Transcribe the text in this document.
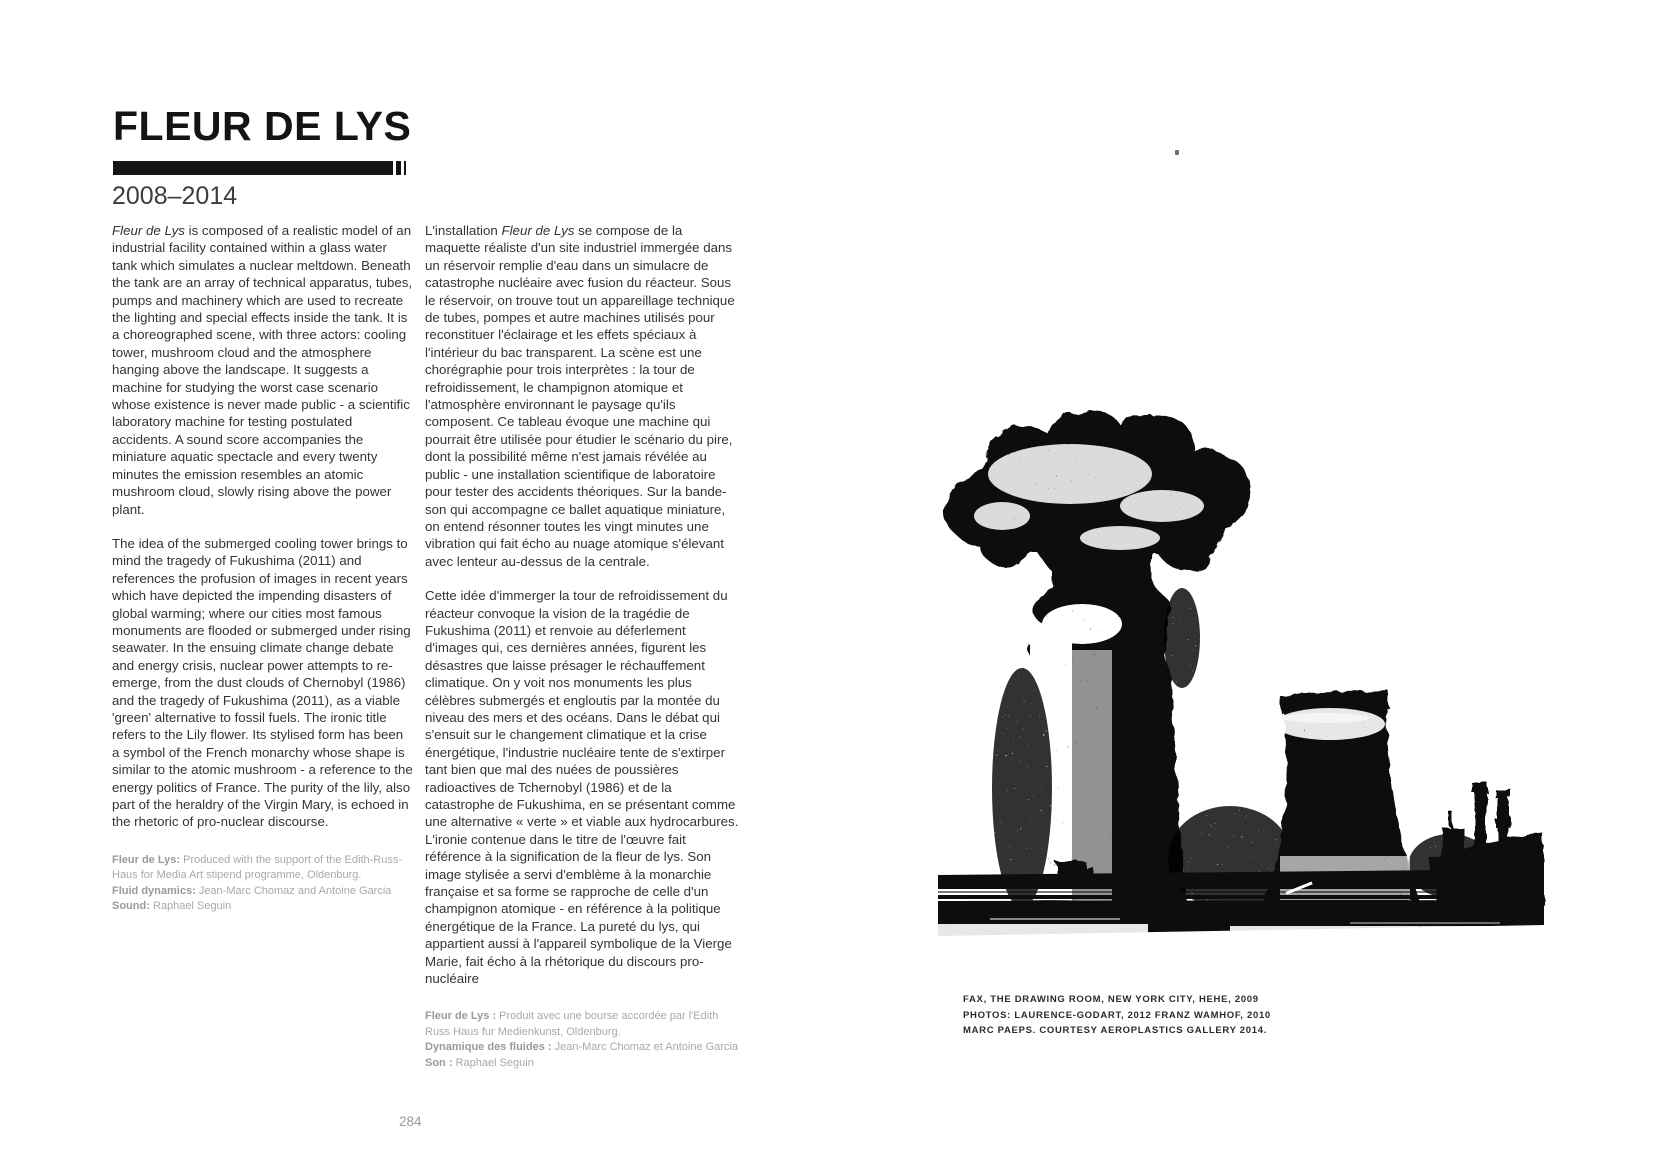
FLEUR DE LYS
2008–2014

Fleur de Lys is composed of a realistic model of an industrial facility contained within a glass water tank which simulates a nuclear meltdown. Beneath the tank are an array of technical apparatus, tubes, pumps and machinery which are used to recreate the lighting and special effects inside the tank. It is a choreographed scene, with three actors: cooling tower, mushroom cloud and the atmosphere hanging above the landscape. It suggests a machine for studying the worst case scenario whose existence is never made public - a scientific laboratory machine for testing postulated accidents. A sound score accompanies the miniature aquatic spectacle and every twenty minutes the emission resembles an atomic mushroom cloud, slowly rising above the power plant.

The idea of the submerged cooling tower brings to mind the tragedy of Fukushima (2011) and references the profusion of images in recent years which have depicted the impending disasters of global warming; where our cities most famous monuments are flooded or submerged under rising seawater. In the ensuing climate change debate and energy crisis, nuclear power attempts to re-emerge, from the dust clouds of Chernobyl (1986) and the tragedy of Fukushima (2011), as a viable 'green' alternative to fossil fuels. The ironic title refers to the Lily flower. Its stylised form has been a symbol of the French monarchy whose shape is similar to the atomic mushroom - a reference to the energy politics of France. The purity of the lily, also part of the heraldry of the Virgin Mary, is echoed in the rhetoric of pro-nuclear discourse.

Fleur de Lys: Produced with the support of the Edith-Russ-Haus for Media Art stipend programme, Oldenburg.

Fluid dynamics: Jean-Marc Chomaz and Antoine Garcia

Sound: Raphael Seguin

L'installation Fleur de Lys se compose de la maquette réaliste d'un site industriel immergée dans un réservoir remplie d'eau dans un simulacre de catastrophe nucléaire avec fusion du réacteur. Sous le réservoir, on trouve tout un appareillage technique de tubes, pompes et autre machines utilisés pour reconstituer l'éclairage et les effets spéciaux à l'intérieur du bac transparent. La scène est une chorégraphie pour trois interprètes : la tour de refroidissement, le champignon atomique et l'atmosphère environnant le paysage qu'ils composent. Ce tableau évoque une machine qui pourrait être utilisée pour étudier le scénario du pire, dont la possibilité même n'est jamais révélée au public - une installation scientifique de laboratoire pour tester des accidents théoriques. Sur la bande-son qui accompagne ce ballet aquatique miniature, on entend résonner toutes les vingt minutes une vibration qui fait écho au nuage atomique s'élevant avec lenteur au-dessus de la centrale.

Cette idée d'immerger la tour de refroidissement du réacteur convoque la vision de la tragédie de Fukushima (2011) et renvoie au déferlement d'images qui, ces dernières années, figurent les désastres que laisse présager le réchauffement climatique. On y voit nos monuments les plus célèbres submergés et engloutis par la montée du niveau des mers et des océans. Dans le débat qui s'ensuit sur le changement climatique et la crise énergétique, l'industrie nucléaire tente de s'extirper tant bien que mal des nuées de poussières radioactives de Tchernobyl (1986) et de la catastrophe de Fukushima, en se présentant comme une alternative « verte » et viable aux hydrocarbures. L'ironie contenue dans le titre de l'œuvre fait référence à la signification de la fleur de lys. Son image stylisée a servi d'emblème à la monarchie française et sa forme se rapproche de celle d'un champignon atomique - en référence à la politique énergétique de la France. La pureté du lys, qui appartient aussi à l'appareil symbolique de la Vierge Marie, fait écho à la rhétorique du discours pro-nucléaire

Fleur de Lys : Produit avec une bourse accordée par l'Edith Russ Haus fur Medienkunst, Oldenburg.

Dynamique des fluides : Jean-Marc Chomaz et Antoine Garcia

Son : Raphael Seguin

FAX, THE DRAWING ROOM, NEW YORK CITY, HEHE, 2009
PHOTOS: LAURENCE-GODART, 2012 FRANZ WAMHOF, 2010
MARC PAEPS. COURTESY AEROPLASTICS GALLERY 2014.
284
